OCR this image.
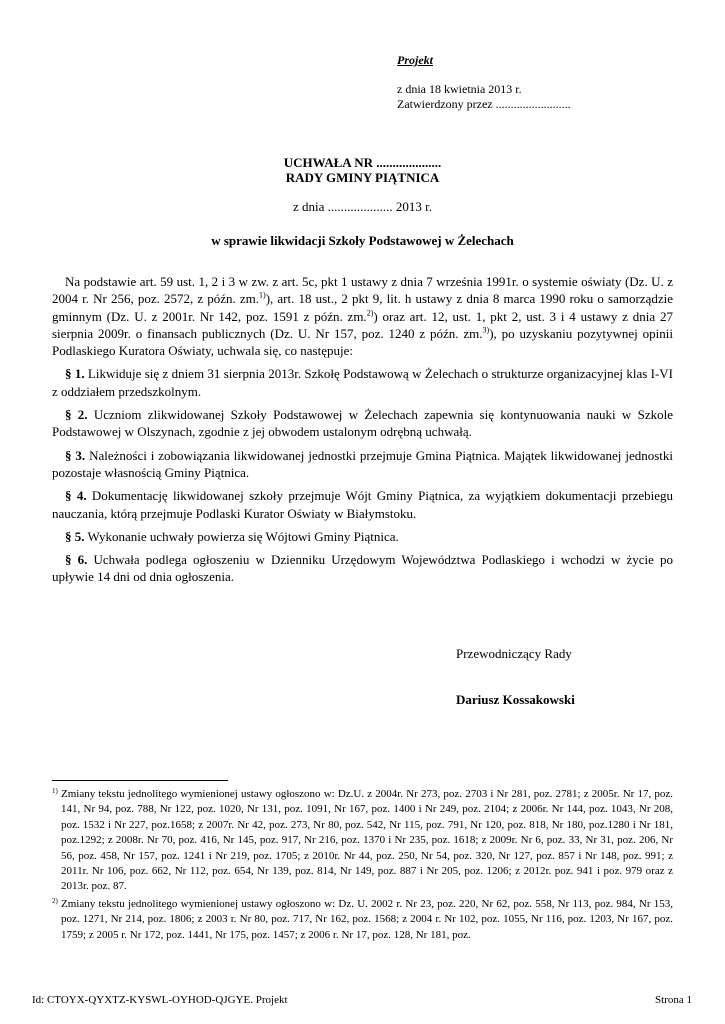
Projekt
z dnia 18 kwietnia 2013 r.
Zatwierdzony przez .........................
UCHWAŁA NR ....................
RADY GMINY PIĄTNICA
z dnia .................... 2013 r.
w sprawie likwidacji Szkoły Podstawowej w Żelechach

Na podstawie art. 59 ust. 1, 2 i 3 w zw. z art. 5c, pkt 1 ustawy z dnia 7 września 1991r. o systemie oświaty (Dz. U. z 2004 r. Nr 256, poz. 2572, z późn. zm.$^{1)}$), art. 18 ust., 2 pkt 9, lit. h ustawy z dnia 8 marca 1990 roku o samorządzie gminnym (Dz. U. z 2001r. Nr 142, poz. 1591 z późn. zm.$^{2)}$) oraz art. 12, ust. 1, pkt 2, ust. 3 i 4 ustawy z dnia 27 sierpnia 2009r. o finansach publicznych (Dz. U. Nr 157, poz. 1240 z późn. zm.$^{3)}$), po uzyskaniu pozytywnej opinii Podlaskiego Kuratora Oświaty, uchwala się, co następuje:

§ 1. Likwiduje się z dniem 31 sierpnia 2013r. Szkołę Podstawową w Żelechach o strukturze organizacyjnej klas I-VI z oddziałem przedszkolnym.

§ 2. Uczniom zlikwidowanej Szkoły Podstawowej w Żelechach zapewnia się kontynuowania nauki w Szkole Podstawowej w Olszynach, zgodnie z jej obwodem ustalonym odrębną uchwałą.

§ 3. Należności i zobowiązania likwidowanej jednostki przejmuje Gmina Piątnica. Majątek likwidowanej jednostki pozostaje własnością Gminy Piątnica.

§ 4. Dokumentację likwidowanej szkoły przejmuje Wójt Gminy Piątnica, za wyjątkiem dokumentacji przebiegu nauczania, którą przejmuje Podlaski Kurator Oświaty w Białymstoku.

§ 5. Wykonanie uchwały powierza się Wójtowi Gminy Piątnica.

§ 6. Uchwała podlega ogłoszeniu w Dzienniku Urzędowym Województwa Podlaskiego i wchodzi w życie po upływie 14 dni od dnia ogłoszenia.

Przewodniczący Rady
Dariusz Kossakowski
1) Zmiany tekstu jednolitego wymienionej ustawy ogłoszono w: Dz.U. z 2004r. Nr 273, poz. 2703 i Nr 281, poz. 2781; z 2005r. Nr 17, poz. 141, Nr 94, poz. 788, Nr 122, poz. 1020, Nr 131, poz. 1091, Nr 167, poz. 1400 i Nr 249, poz. 2104; z 2006r. Nr 144, poz. 1043, Nr 208, poz. 1532 i Nr 227, poz.1658; z 2007r. Nr 42, poz. 273, Nr 80, poz. 542, Nr 115, poz. 791, Nr 120, poz. 818, Nr 180, poz.1280 i Nr 181, poz.1292; z 2008r. Nr 70, poz. 416, Nr 145, poz. 917, Nr 216, poz. 1370 i Nr 235, poz. 1618; z 2009r. Nr 6, poz. 33, Nr 31, poz. 206, Nr 56, poz. 458, Nr 157, poz. 1241 i Nr 219, poz. 1705; z 2010r. Nr 44, poz. 250, Nr 54, poz. 320, Nr 127, poz. 857 i Nr 148, poz. 991; z 2011r. Nr 106, poz. 662, Nr 112, poz. 654, Nr 139, poz. 814, Nr 149, poz. 887 i Nr 205, poz. 1206; z 2012r. poz. 941 i poz. 979 oraz z 2013r. poz. 87.
2) Zmiany tekstu jednolitego wymienionej ustawy ogłoszono w: Dz. U. 2002 r. Nr 23, poz. 220, Nr 62, poz. 558, Nr 113, poz. 984, Nr 153, poz. 1271, Nr 214, poz. 1806; z 2003 r. Nr 80, poz. 717, Nr 162, poz. 1568; z 2004 r. Nr 102, poz. 1055, Nr 116, poz. 1203, Nr 167, poz. 1759; z 2005 r. Nr 172, poz. 1441, Nr 175, poz. 1457; z 2006 r. Nr 17, poz. 128, Nr 181, poz.
Id: CTOYX-QYXTZ-KYSWL-OYHOD-QJGYE. Projekt	Strona 1
